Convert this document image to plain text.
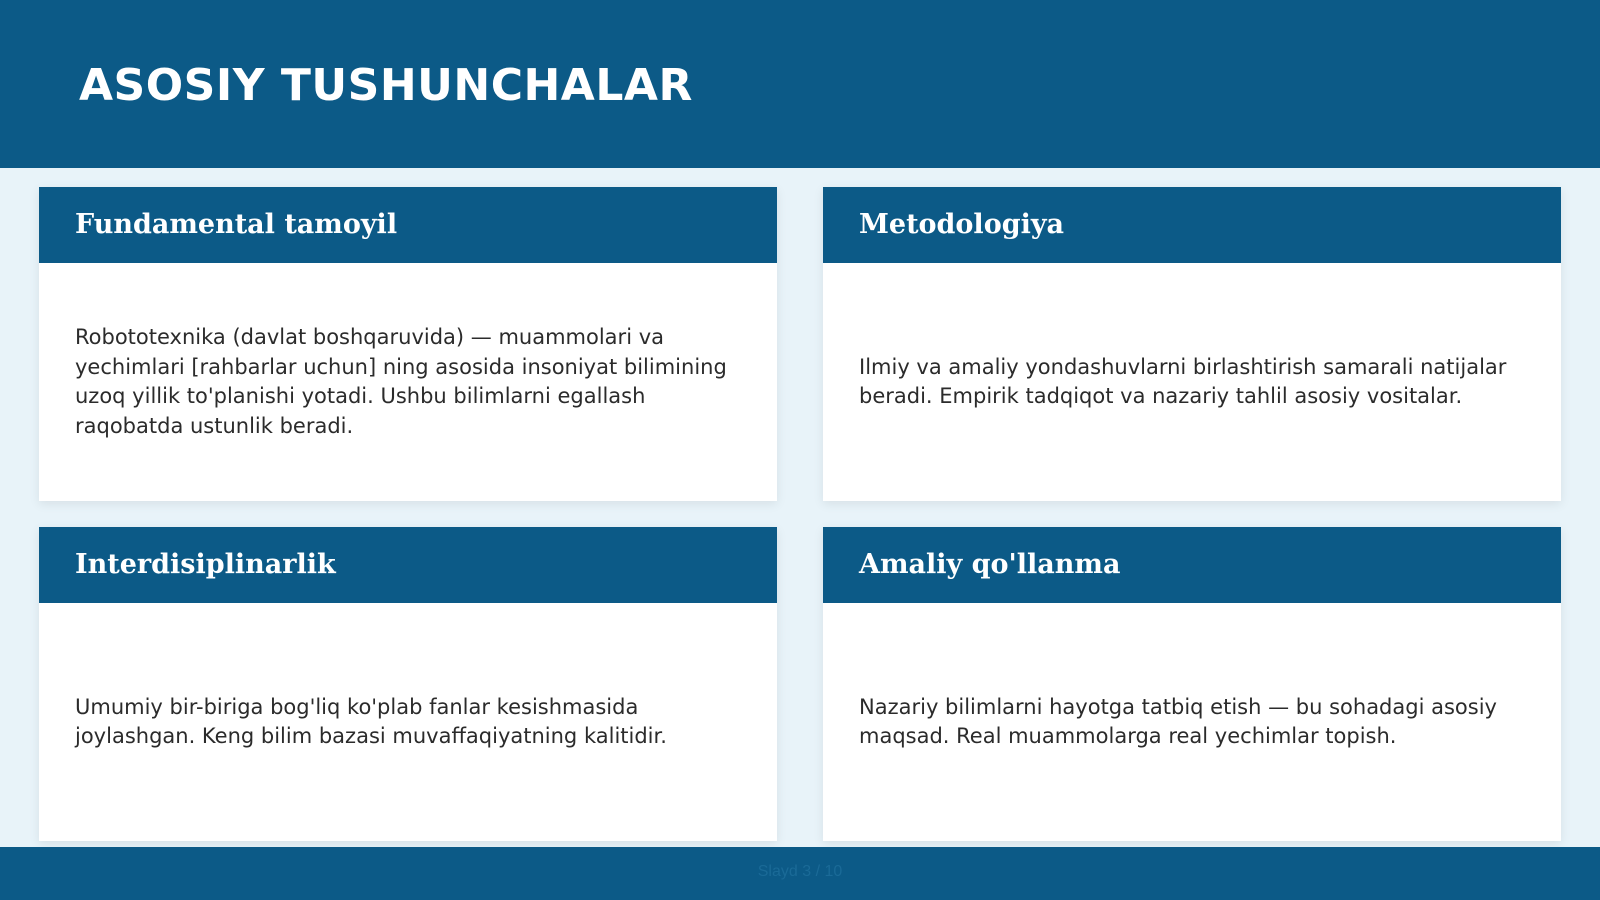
ASOSIY TUSHUNCHALAR
Fundamental tamoyil

Robototexnika (davlat boshqaruvida) — muammolari va yechimlari [rahbarlar uchun] ning asosida insoniyat bilimining uzoq yillik to'planishi yotadi. Ushbu bilimlarni egallash raqobatda ustunlik beradi.

Metodologiya

Ilmiy va amaliy yondashuvlarni birlashtirish samarali natijalar beradi. Empirik tadqiqot va nazariy tahlil asosiy vositalar.

Interdisiplinarlik

Umumiy bir-biriga bog'liq ko'plab fanlar kesishmasida joylashgan. Keng bilim bazasi muvaffaqiyatning kalitidir.

Amaliy qo'llanma

Nazariy bilimlarni hayotga tatbiq etish — bu sohadagi asosiy maqsad. Real muammolarga real yechimlar topish.

Slayd 3 / 10
